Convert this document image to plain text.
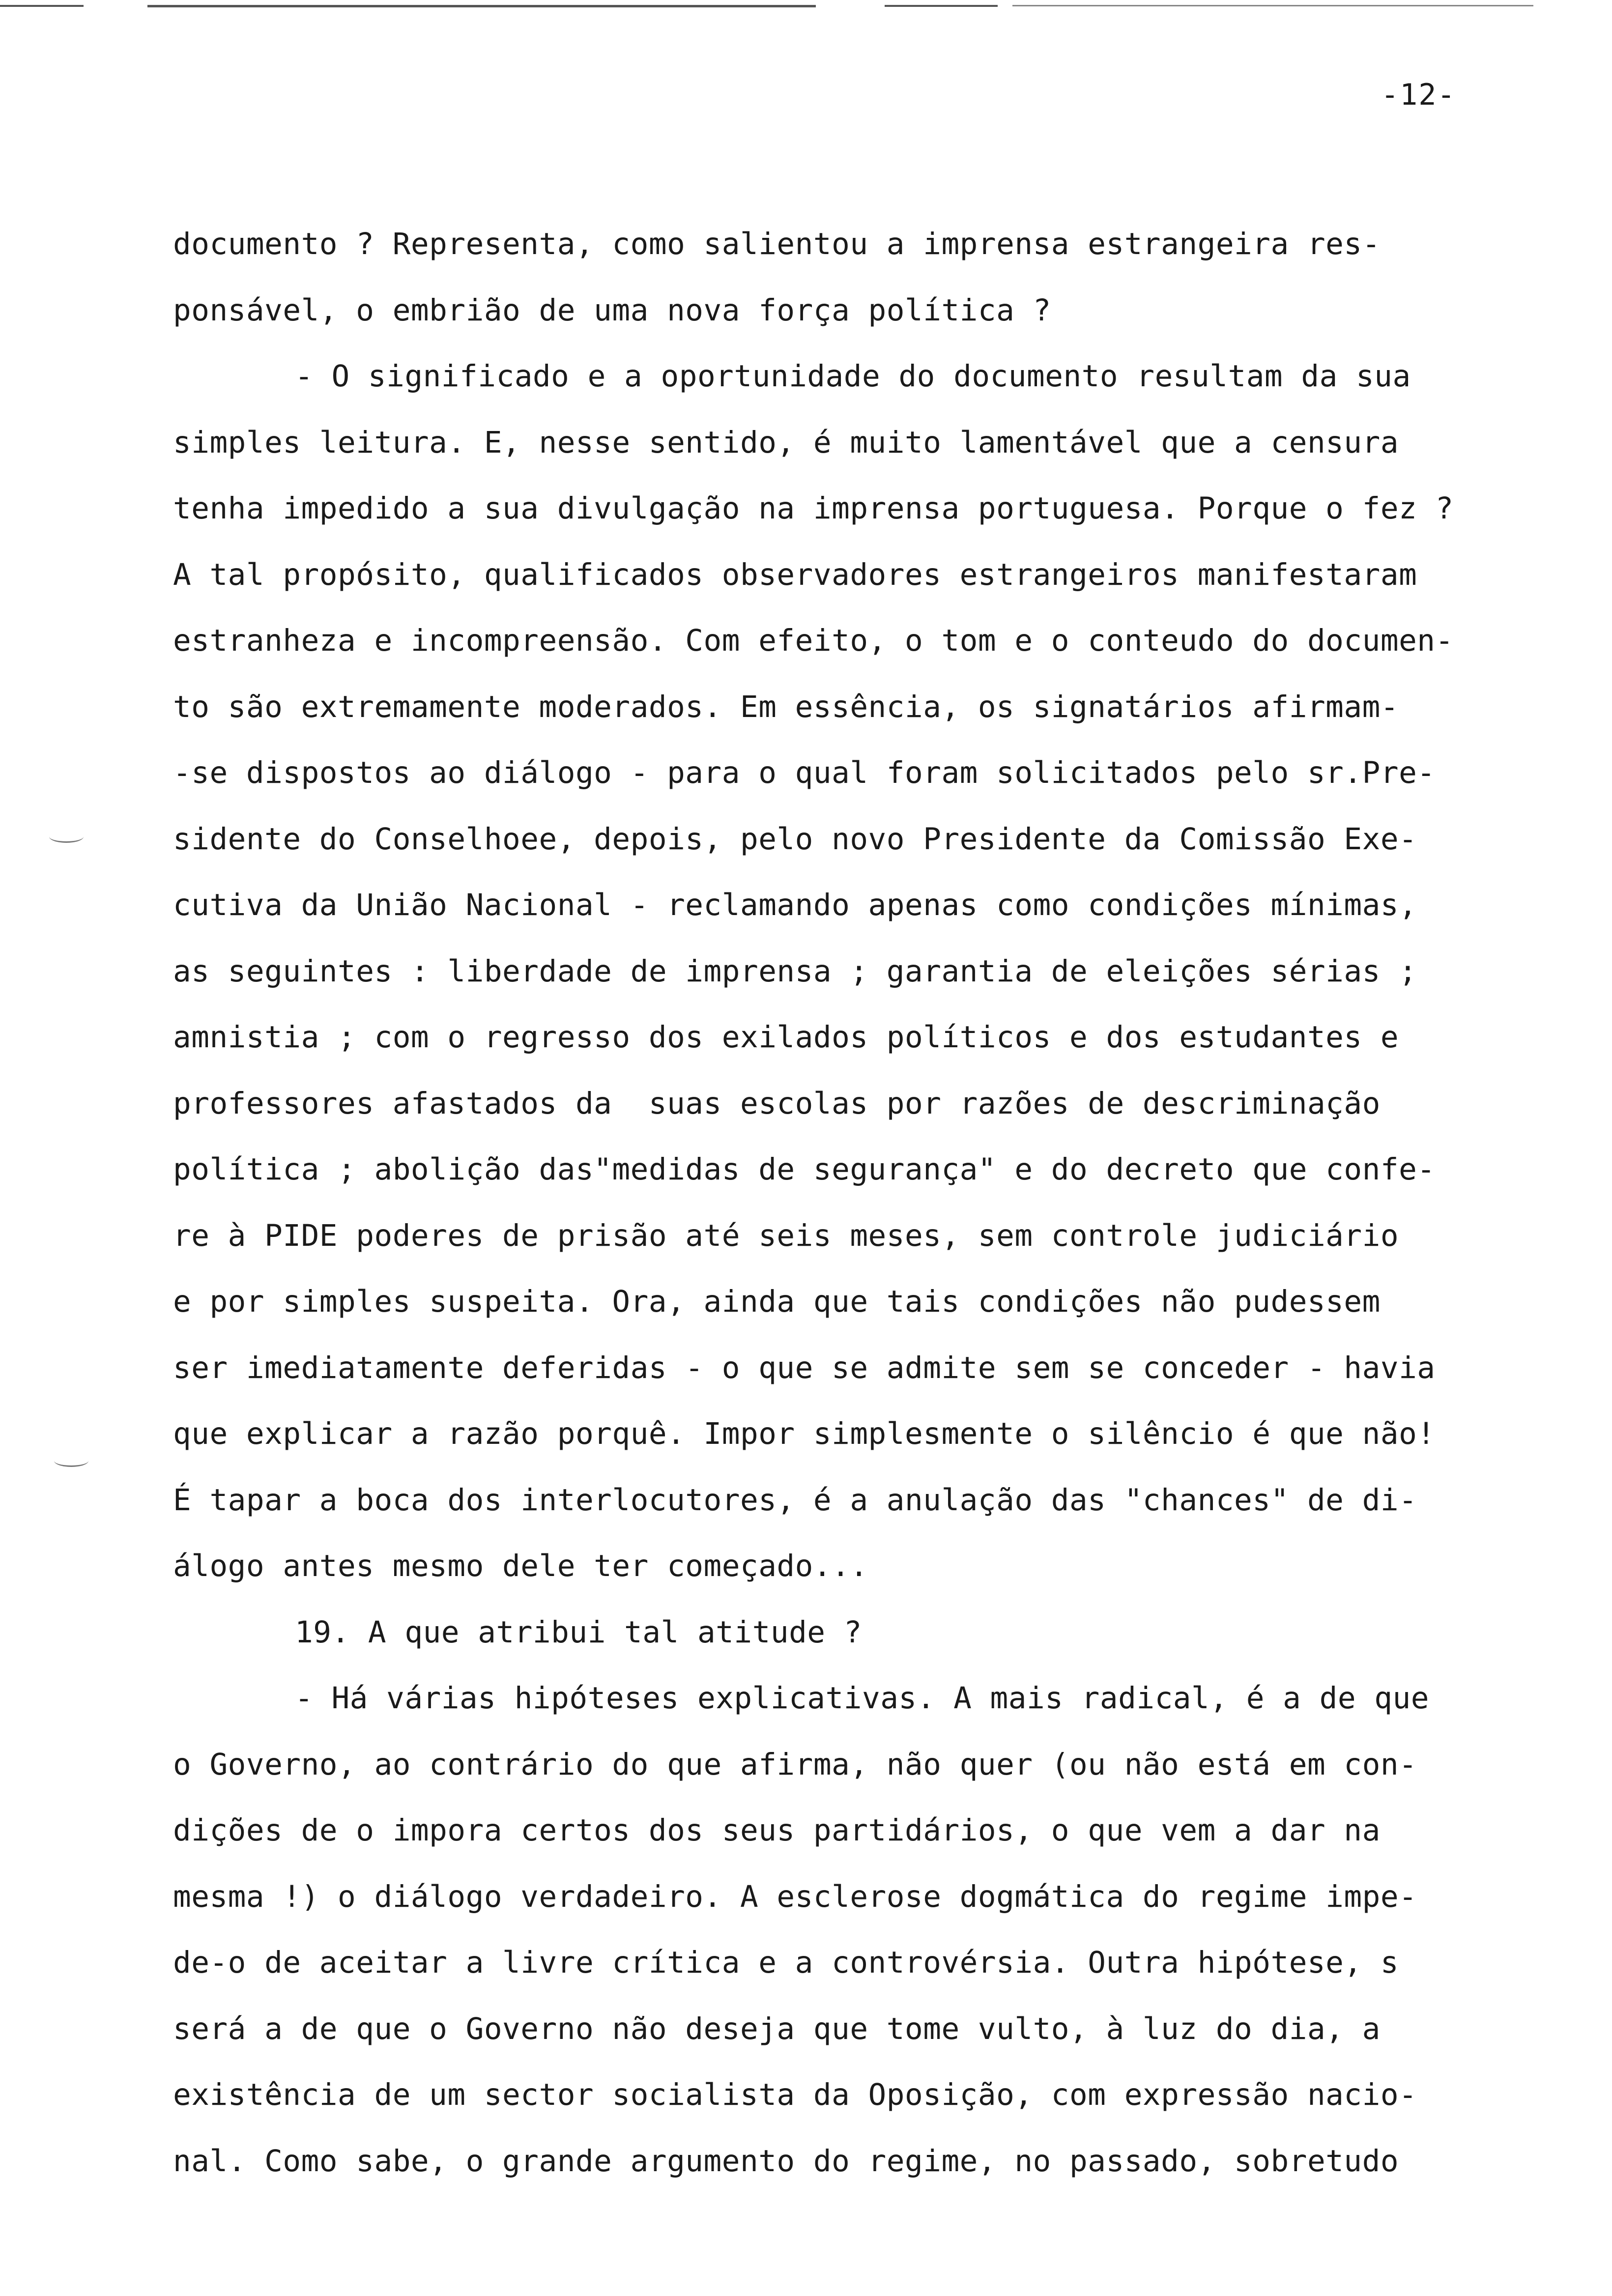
-12-
documento ? Representa, como salientou a imprensa estrangeira res-
ponsável, o embrião de uma nova força política ?
- O significado e a oportunidade do documento resultam da sua
simples leitura. E, nesse sentido, é muito lamentável que a censura
tenha impedido a sua divulgação na imprensa portuguesa. Porque o fez ?
A tal propósito, qualificados observadores estrangeiros manifestaram
estranheza e incompreensão. Com efeito, o tom e o conteudo do documen-
to são extremamente moderados. Em essência, os signatários afirmam-
-se dispostos ao diálogo - para o qual foram solicitados pelo sr.Pre-
sidente do Conselhoee, depois, pelo novo Presidente da Comissão Exe-
cutiva da União Nacional - reclamando apenas como condições mínimas,
as seguintes : liberdade de imprensa ; garantia de eleições sérias ;
amnistia ; com o regresso dos exilados políticos e dos estudantes e
professores afastados da  suas escolas por razões de descriminação
política ; abolição das"medidas de segurança" e do decreto que confe-
re à PIDE poderes de prisão até seis meses, sem controle judiciário
e por simples suspeita. Ora, ainda que tais condições não pudessem
ser imediatamente deferidas - o que se admite sem se conceder - havia
que explicar a razão porquê. Impor simplesmente o silêncio é que não!
É tapar a boca dos interlocutores, é a anulação das "chances" de di-
álogo antes mesmo dele ter começado...
19. A que atribui tal atitude ?
- Há várias hipóteses explicativas. A mais radical, é a de que
o Governo, ao contrário do que afirma, não quer (ou não está em con-
dições de o impora certos dos seus partidários, o que vem a dar na
mesma !) o diálogo verdadeiro. A esclerose dogmática do regime impe-
de-o de aceitar a livre crítica e a controvérsia. Outra hipótese, s
será a de que o Governo não deseja que tome vulto, à luz do dia, a
existência de um sector socialista da Oposição, com expressão nacio-
nal. Como sabe, o grande argumento do regime, no passado, sobretudo
